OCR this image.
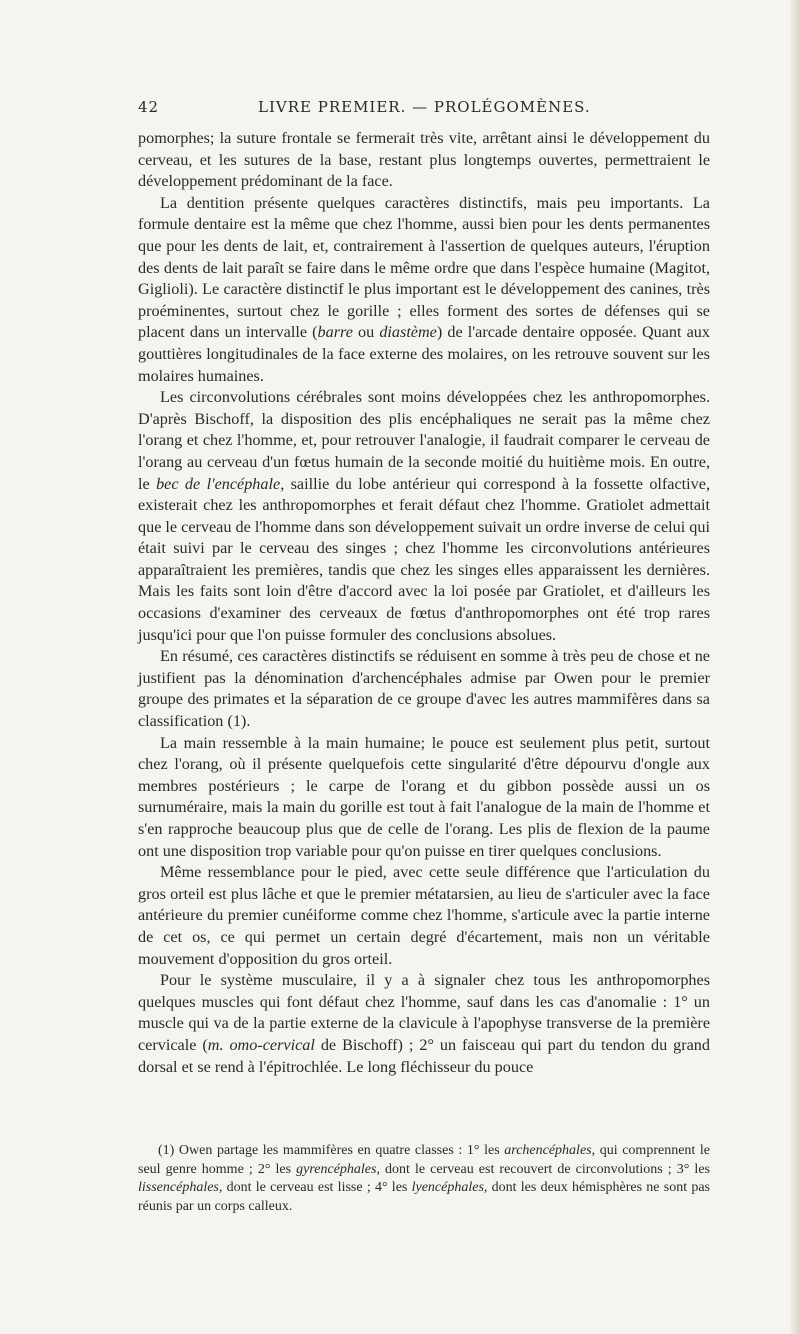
42	LIVRE PREMIER. — PROLÉGOMÈNES.

pomorphes; la suture frontale se fermerait très vite, arrêtant ainsi le développement du cerveau, et les sutures de la base, restant plus longtemps ouvertes, permettraient le développement prédominant de la face.

La dentition présente quelques caractères distinctifs, mais peu importants. La formule dentaire est la même que chez l'homme, aussi bien pour les dents permanentes que pour les dents de lait, et, contrairement à l'assertion de quelques auteurs, l'éruption des dents de lait paraît se faire dans le même ordre que dans l'espèce humaine (Magitot, Giglioli). Le caractère distinctif le plus important est le développement des canines, très proéminentes, surtout chez le gorille ; elles forment des sortes de défenses qui se placent dans un intervalle (barre ou diastème) de l'arcade dentaire opposée. Quant aux gouttières longitudinales de la face externe des molaires, on les retrouve souvent sur les molaires humaines.

Les circonvolutions cérébrales sont moins développées chez les anthropomorphes. D'après Bischoff, la disposition des plis encéphaliques ne serait pas la même chez l'orang et chez l'homme, et, pour retrouver l'analogie, il faudrait comparer le cerveau de l'orang au cerveau d'un fœtus humain de la seconde moitié du huitième mois. En outre, le bec de l'encéphale, saillie du lobe antérieur qui correspond à la fossette olfactive, existerait chez les anthropomorphes et ferait défaut chez l'homme. Gratiolet admettait que le cerveau de l'homme dans son développement suivait un ordre inverse de celui qui était suivi par le cerveau des singes ; chez l'homme les circonvolutions antérieures apparaîtraient les premières, tandis que chez les singes elles apparaissent les dernières. Mais les faits sont loin d'être d'accord avec la loi posée par Gratiolet, et d'ailleurs les occasions d'examiner des cerveaux de fœtus d'anthropomorphes ont été trop rares jusqu'ici pour que l'on puisse formuler des conclusions absolues.

En résumé, ces caractères distinctifs se réduisent en somme à très peu de chose et ne justifient pas la dénomination d'archencéphales admise par Owen pour le premier groupe des primates et la séparation de ce groupe d'avec les autres mammifères dans sa classification (1).

La main ressemble à la main humaine; le pouce est seulement plus petit, surtout chez l'orang, où il présente quelquefois cette singularité d'être dépourvu d'ongle aux membres postérieurs ; le carpe de l'orang et du gibbon possède aussi un os surnuméraire, mais la main du gorille est tout à fait l'analogue de la main de l'homme et s'en rapproche beaucoup plus que de celle de l'orang. Les plis de flexion de la paume ont une disposition trop variable pour qu'on puisse en tirer quelques conclusions.

Même ressemblance pour le pied, avec cette seule différence que l'articulation du gros orteil est plus lâche et que le premier métatarsien, au lieu de s'articuler avec la face antérieure du premier cunéiforme comme chez l'homme, s'articule avec la partie interne de cet os, ce qui permet un certain degré d'écartement, mais non un véritable mouvement d'opposition du gros orteil.

Pour le système musculaire, il y a à signaler chez tous les anthropomorphes quelques muscles qui font défaut chez l'homme, sauf dans les cas d'anomalie : 1° un muscle qui va de la partie externe de la clavicule à l'apophyse transverse de la première cervicale (m. omo-cervical de Bischoff) ; 2° un faisceau qui part du tendon du grand dorsal et se rend à l'épitrochlée. Le long fléchisseur du pouce

(1) Owen partage les mammifères en quatre classes : 1° les archencéphales, qui comprennent le seul genre homme ; 2° les gyrencéphales, dont le cerveau est recouvert de circonvolutions ; 3° les lissencéphales, dont le cerveau est lisse ; 4° les lyencéphales, dont les deux hémisphères ne sont pas réunis par un corps calleux.
